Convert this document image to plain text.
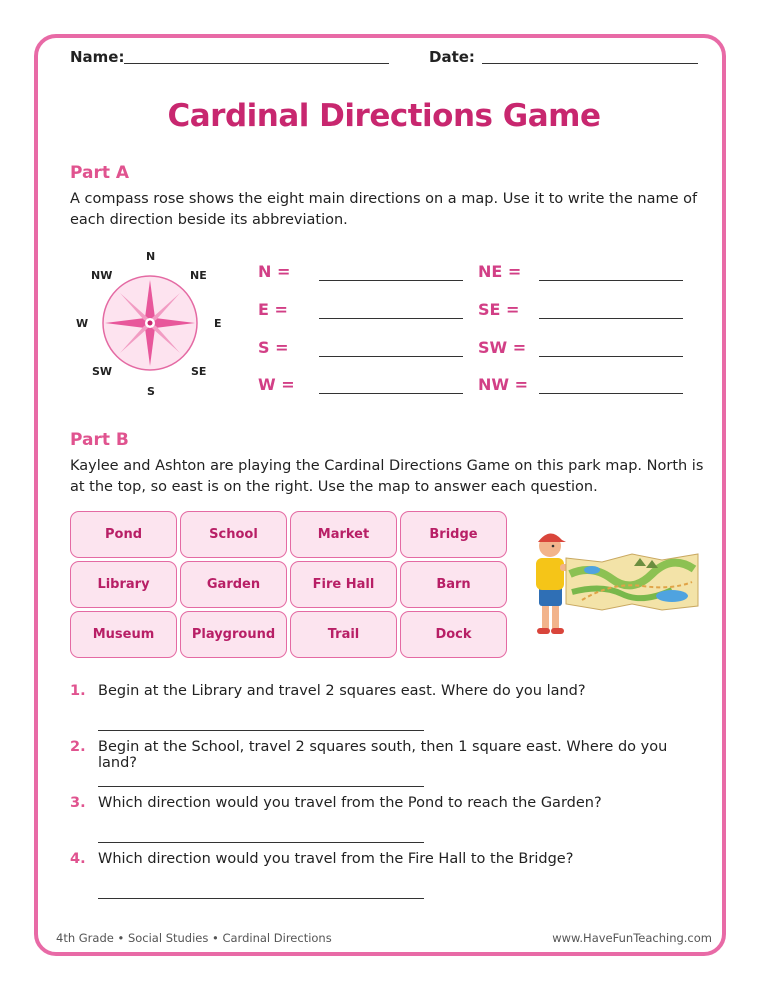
Name:	Date:
Cardinal Directions Game
Part A
A compass rose shows the eight main directions on a map. Use it to write the name of each direction beside its abbreviation.
N
NE
E
SE
S
SW
W
NW	N =	NE =
E =	SE =
S =	SW =
W =	NW =
Part B
Kaylee and Ashton are playing the Cardinal Directions Game on this park map. North is at the top, so east is on the right. Use the map to answer each question.
Pond	School	Market	Bridge
Library	Garden	Fire Hall	Barn
Museum	Playground	Trail	Dock
1. Begin at the Library and travel 2 squares east. Where do you land?
2. Begin at the School, travel 2 squares south, then 1 square east. Where do you land?
3. Which direction would you travel from the Pond to reach the Garden?
4. Which direction would you travel from the Fire Hall to the Bridge?
4th Grade • Social Studies • Cardinal Directions	www.HaveFunTeaching.com
